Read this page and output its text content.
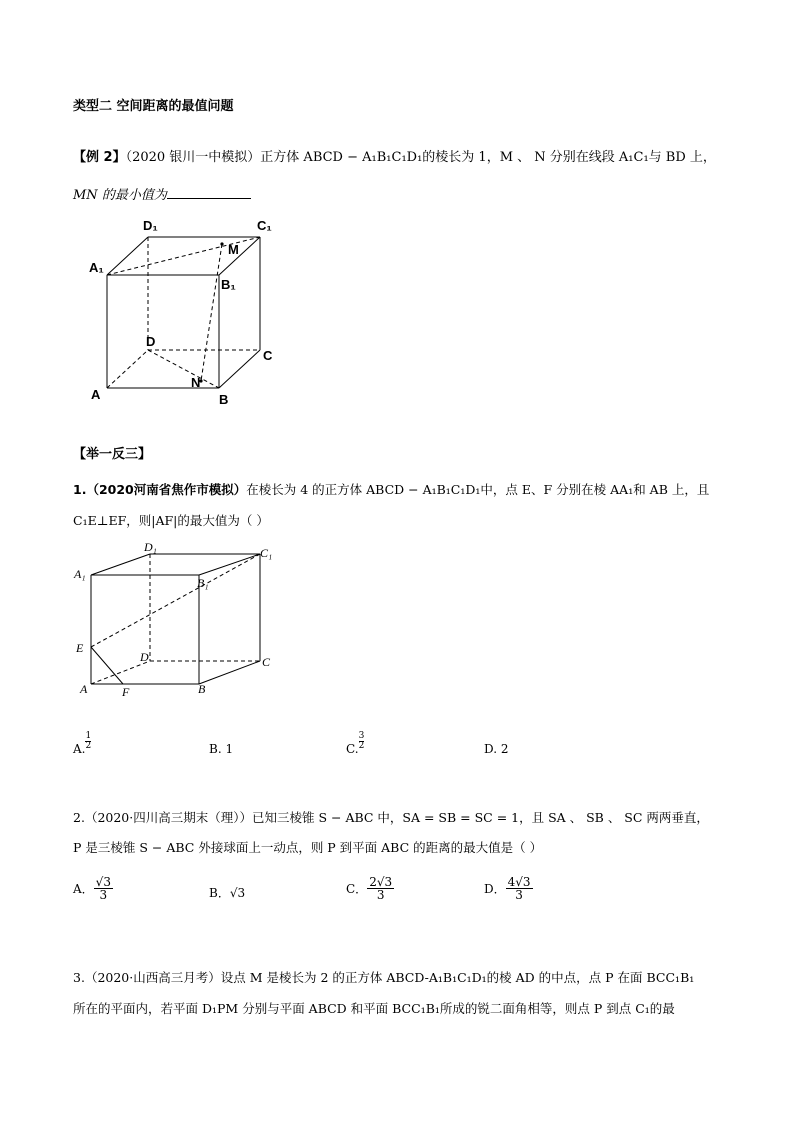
类型二 空间距离的最值问题
【例 2】（2020 银川一中模拟）正方体 ABCD − A₁B₁C₁D₁的棱长为 1，M 、 N 分别在线段 A₁C₁与 BD 上，
MN 的最小值为
D₁	C₁
A₁
B₁
M
D
C
A	B
N
【举一反三】
1.（2020河南省焦作市模拟）在棱长为 4 的正方体 ABCD − A₁B₁C₁D₁中，点 E、F 分别在棱 AA₁和 AB 上，且
C₁E⊥EF，则|AF|的最大值为（ ）
D₁	C₁
A₁
B₁
E
D	C
A	F	B
A. $\frac{1}{2}$	B. 1	C. $\frac{3}{2}$	D. 2
2.（2020·四川高三期末（理））已知三棱锥 S − ABC 中，SA = SB = SC = 1，且 SA 、 SB 、 SC 两两垂直，
P 是三棱锥 S − ABC 外接球面上一动点，则 P 到平面 ABC 的距离的最大值是（ ）
A． $\frac{√3}{3}$	B．√3	C． $\frac{2√3}{3}$	D． $\frac{4√3}{3}$
3.（2020·山西高三月考）设点 M 是棱长为 2 的正方体 ABCD-A₁B₁C₁D₁的棱 AD 的中点，点 P 在面 BCC₁B₁
所在的平面内，若平面 D₁PM 分别与平面 ABCD 和平面 BCC₁B₁所成的锐二面角相等，则点 P 到点 C₁的最
